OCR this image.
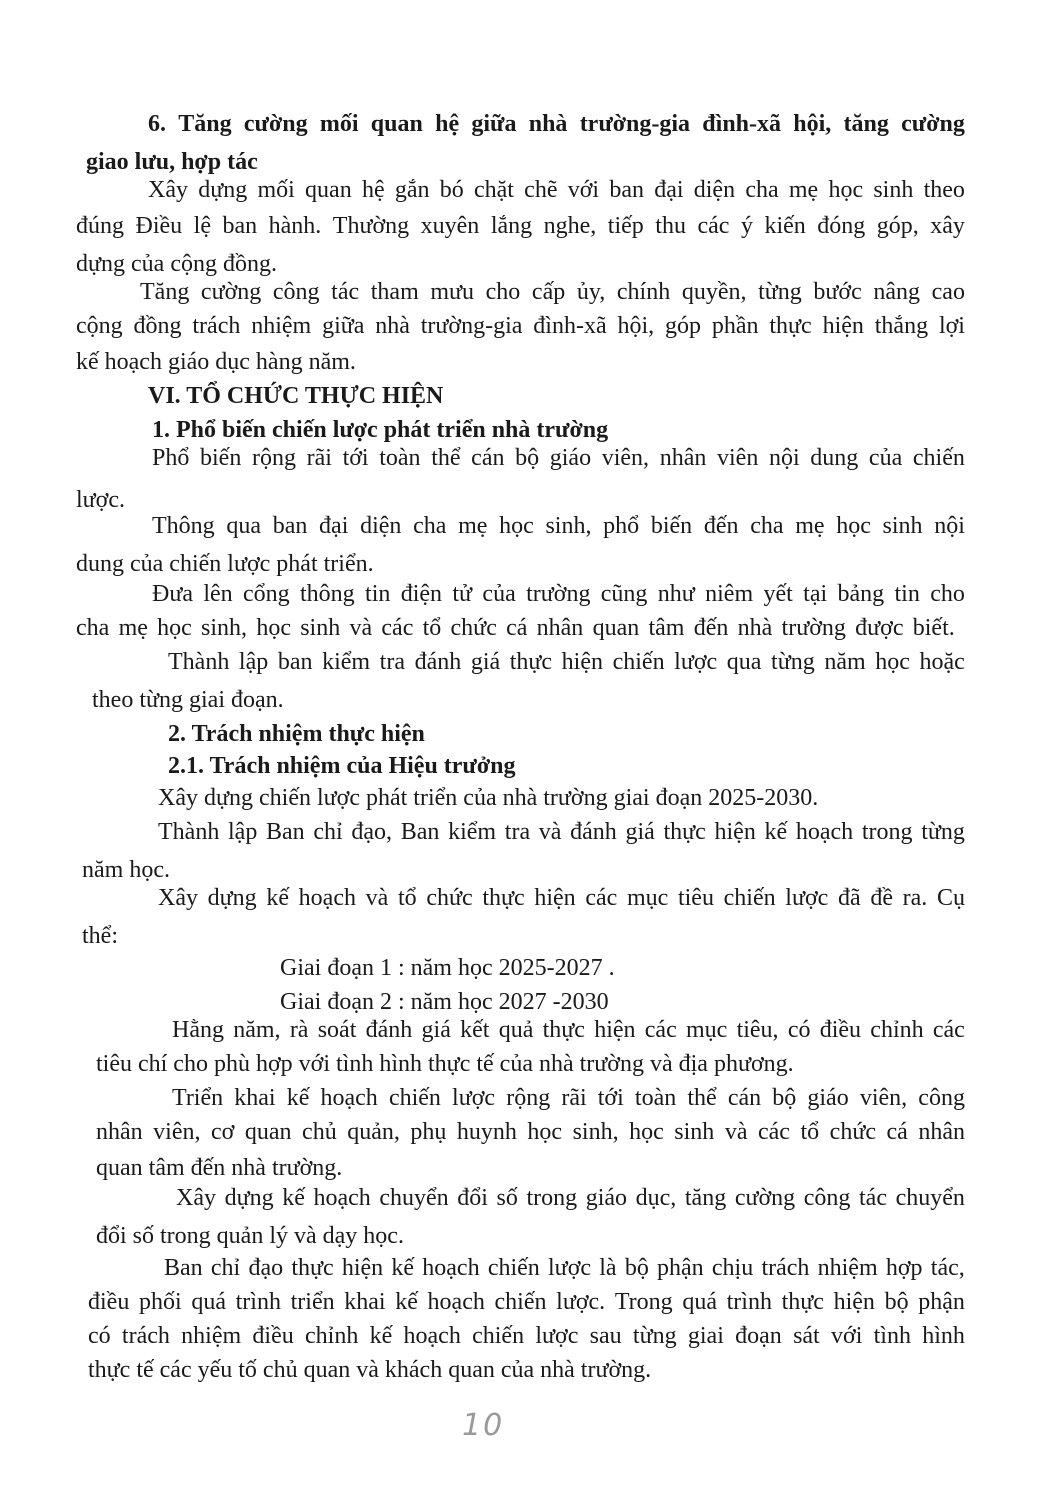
6. Tăng cường mối quan hệ giữa nhà trường-gia đình-xã hội, tăng cường
giao lưu, hợp tác
Xây dựng mối quan hệ gắn bó chặt chẽ với ban đại diện cha mẹ học sinh theo
đúng Điều lệ ban hành. Thường xuyên lắng nghe, tiếp thu các ý kiến đóng góp, xây
dựng của cộng đồng.
Tăng cường công tác tham mưu cho cấp ủy, chính quyền, từng bước nâng cao
cộng đồng trách nhiệm giữa nhà trường-gia đình-xã hội, góp phần thực hiện thắng lợi
kế hoạch giáo dục hàng năm.
VI. TỔ CHỨC THỰC HIỆN
1. Phổ biến chiến lược phát triển nhà trường
Phổ biến rộng rãi tới toàn thể cán bộ giáo viên, nhân viên nội dung của chiến
lược.
Thông qua ban đại diện cha mẹ học sinh, phổ biến đến cha mẹ học sinh nội
dung của chiến lược phát triển.
Đưa lên cổng thông tin điện tử của trường cũng như niêm yết tại bảng tin cho
cha mẹ học sinh, học sinh và các tổ chức cá nhân quan tâm đến nhà trường được biết.
Thành lập ban kiểm tra đánh giá thực hiện chiến lược qua từng năm học hoặc
theo từng giai đoạn.
2. Trách nhiệm thực hiện
2.1. Trách nhiệm của Hiệu trưởng
Xây dựng chiến lược phát triển của nhà trường giai đoạn 2025-2030.
Thành lập Ban chỉ đạo, Ban kiểm tra và đánh giá thực hiện kế hoạch trong từng
năm học.
Xây dựng kế hoạch và tổ chức thực hiện các mục tiêu chiến lược đã đề ra. Cụ
thể:
Giai đoạn 1 : năm học 2025-2027 .
Giai đoạn 2 : năm học 2027 -2030
Hằng năm, rà soát đánh giá kết quả thực hiện các mục tiêu, có điều chỉnh các
tiêu chí cho phù hợp với tình hình thực tế của nhà trường và địa phương.
Triển khai kế hoạch chiến lược rộng rãi tới toàn thể cán bộ giáo viên, công
nhân viên, cơ quan chủ quản, phụ huynh học sinh, học sinh và các tổ chức cá nhân
quan tâm đến nhà trường.
Xây dựng kế hoạch chuyển đổi số trong giáo dục, tăng cường công tác chuyển
đổi số trong quản lý và dạy học.
Ban chỉ đạo thực hiện kế hoạch chiến lược là bộ phận chịu trách nhiệm hợp tác,
điều phối quá trình triển khai kế hoạch chiến lược. Trong quá trình thực hiện bộ phận
có trách nhiệm điều chỉnh kế hoạch chiến lược sau từng giai đoạn sát với tình hình
thực tế các yếu tố chủ quan và khách quan của nhà trường.
10
